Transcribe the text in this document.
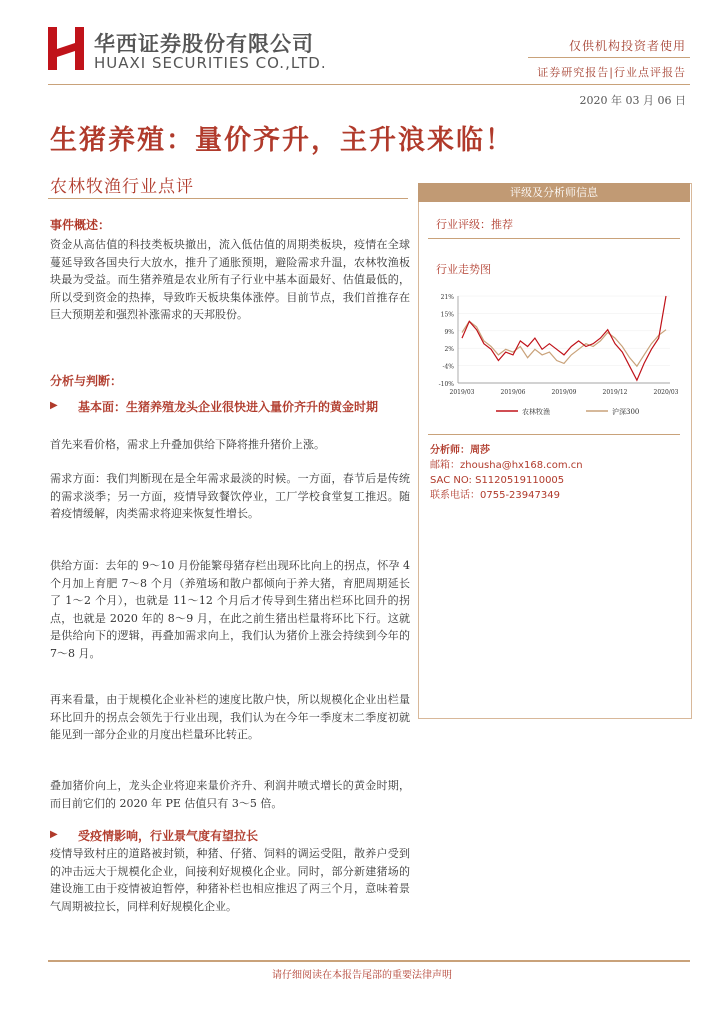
华西证券股份有限公司
HUAXI SECURITIES CO.,LTD.
仅供机构投资者使用
证券研究报告|行业点评报告
2020 年 03 月 06 日
生猪养殖：量价齐升，主升浪来临！
农林牧渔行业点评
事件概述：
资金从高估值的科技类板块撤出，流入低估值的周期类板块，疫情在全球蔓延导致各国央行大放水，推升了通胀预期，避险需求升温，农林牧渔板块最为受益。而生猪养殖是农业所有子行业中基本面最好、估值最低的，所以受到资金的热捧，导致昨天板块集体涨停。目前节点，我们首推存在巨大预期差和强烈补涨需求的天邦股份。
分析与判断：
▶	基本面：生猪养殖龙头企业很快进入量价齐升的黄金时期
首先来看价格，需求上升叠加供给下降将推升猪价上涨。
需求方面：我们判断现在是全年需求最淡的时候。一方面，春节后是传统的需求淡季；另一方面，疫情导致餐饮停业，工厂学校食堂复工推迟。随着疫情缓解，肉类需求将迎来恢复性增长。
供给方面：去年的 9～10 月份能繁母猪存栏出现环比向上的拐点，怀孕 4 个月加上育肥 7～8 个月（养殖场和散户都倾向于养大猪，育肥周期延长了 1～2 个月），也就是 11～12 个月后才传导到生猪出栏环比回升的拐点，也就是 2020 年的 8～9 月，在此之前生猪出栏量将环比下行。这就是供给向下的逻辑，再叠加需求向上，我们认为猪价上涨会持续到今年的 7～8 月。
再来看量，由于规模化企业补栏的速度比散户快，所以规模化企业出栏量环比回升的拐点会领先于行业出现，我们认为在今年一季度末二季度初就能见到一部分企业的月度出栏量环比转正。
叠加猪价向上，龙头企业将迎来量价齐升、利润井喷式增长的黄金时期，而目前它们的 2020 年 PE 估值只有 3～5 倍。
▶ 受疫情影响，行业景气度有望拉长
疫情导致村庄的道路被封锁，种猪、仔猪、饲料的调运受阻，散养户受到的冲击远大于规模化企业，间接利好规模化企业。同时，部分新建猪场的建设施工由于疫情被迫暂停，种猪补栏也相应推迟了两三个月，意味着景气周期被拉长，同样利好规模化企业。
评级及分析师信息
行业评级：推荐
行业走势图
21%
15%
9%
2%
-4%
-10%
2019/03	2019/06	2019/09	2019/12	2020/03
农林牧渔	沪深300
分析师：周莎
邮箱：zhousha@hx168.com.cn
SAC NO: S1120519110005
联系电话：0755-23947349
请仔细阅读在本报告尾部的重要法律声明
